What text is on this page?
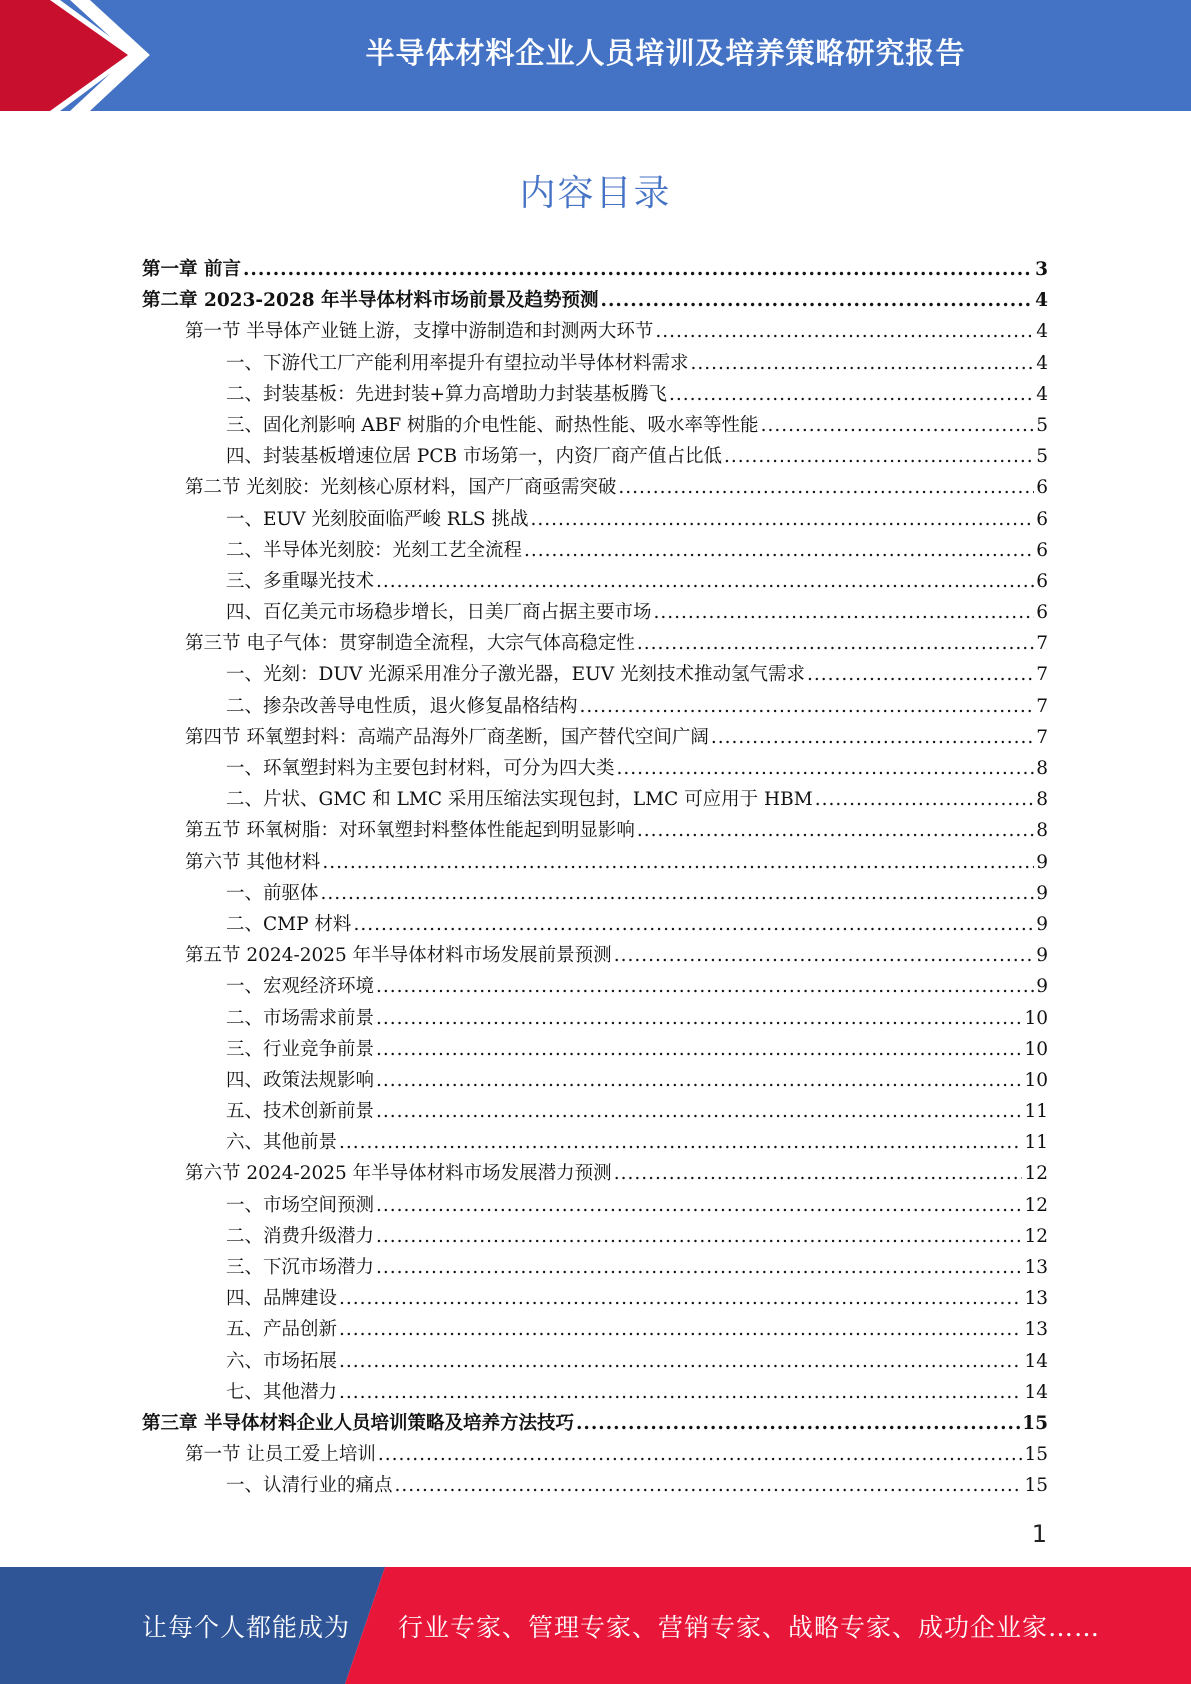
半导体材料企业人员培训及培养策略研究报告
内容目录
第一章 前言 .....	3
第二章 2023-2028 年半导体材料市场前景及趋势预测 .....	4
第一节 半导体产业链上游，支撑中游制造和封测两大环节 .....	4
一、下游代工厂产能利用率提升有望拉动半导体材料需求 .....	4
二、封装基板：先进封装+算力高增助力封装基板腾飞 .....	4
三、固化剂影响 ABF 树脂的介电性能、耐热性能、吸水率等性能 .....	5
四、封装基板增速位居 PCB 市场第一，内资厂商产值占比低 .....	5
第二节 光刻胶：光刻核心原材料，国产厂商亟需突破 .....	6
一、EUV 光刻胶面临严峻 RLS 挑战 .....	6
二、半导体光刻胶：光刻工艺全流程 .....	6
三、多重曝光技术 .....	6
四、百亿美元市场稳步增长，日美厂商占据主要市场 .....	6
第三节 电子气体：贯穿制造全流程，大宗气体高稳定性 .....	7
一、光刻：DUV 光源采用准分子激光器，EUV 光刻技术推动氢气需求 .....	7
二、掺杂改善导电性质，退火修复晶格结构 .....	7
第四节 环氧塑封料：高端产品海外厂商垄断，国产替代空间广阔 .....	7
一、环氧塑封料为主要包封材料，可分为四大类 .....	8
二、片状、GMC 和 LMC 采用压缩法实现包封，LMC 可应用于 HBM .....	8
第五节 环氧树脂：对环氧塑封料整体性能起到明显影响 .....	8
第六节 其他材料 .....	9
一、前驱体 .....	9
二、CMP 材料 .....	9
第五节 2024-2025 年半导体材料市场发展前景预测 .....	9
一、宏观经济环境 .....	9
二、市场需求前景 .....	10
三、行业竞争前景 .....	10
四、政策法规影响 .....	10
五、技术创新前景 .....	11
六、其他前景 .....	11
第六节 2024-2025 年半导体材料市场发展潜力预测 .....	12
一、市场空间预测 .....	12
二、消费升级潜力 .....	12
三、下沉市场潜力 .....	13
四、品牌建设 .....	13
五、产品创新 .....	13
六、市场拓展 .....	14
七、其他潜力 .....	14
第三章 半导体材料企业人员培训策略及培养方法技巧 .....	15
第一节 让员工爱上培训 .....	15
一、认清行业的痛点 .....	15
1
让每个人都能成为 行业专家、管理专家、营销专家、战略专家、成功企业家……
